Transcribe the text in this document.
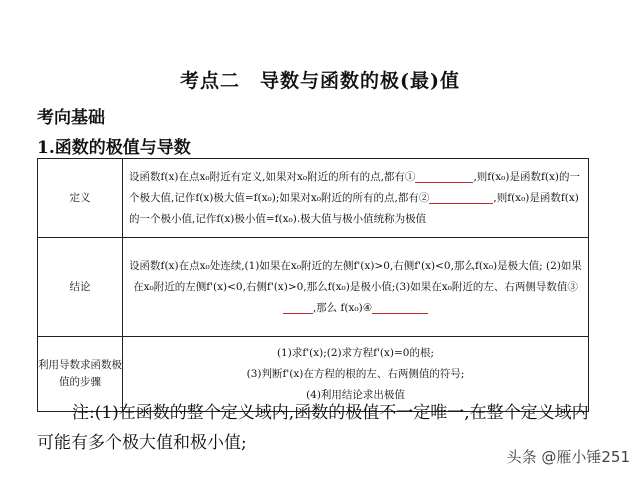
考点二　导数与函数的极(最)值
考向基础
1.函数的极值与导数
定义	设函数f(x)在点x₀附近有定义,如果对x₀附近的所有的点,都有① ,则f(x₀)是函数f(x)的一个极大值,记作f(x)极大值=f(x₀);如果对x₀附近的所有的点,都有② ,则f(x₀)是函数f(x)的一个极小值,记作f(x)极小值=f(x₀).极大值与极小值统称为极值
结论	设函数f(x)在点x₀处连续,(1)如果在x₀附近的左侧f'(x)>0,右侧f'(x)<0,那么f(x₀)是极大值; (2)如果在x₀附近的左侧f'(x)<0,右侧f'(x)>0,那么f(x₀)是极小值;(3)如果在x₀附近的左、右两侧导数值③,那么 f(x₀)④
利用导数求函数极值的步骤	(1)求f'(x);(2)求方程f'(x)=0的根;
(3)判断f'(x)在方程的根的左、右两侧值的符号;
(4)利用结论求出极值
注:(1)在函数的整个定义域内,函数的极值不一定唯一,在整个定义域内可能有多个极大值和极小值;
头条 @雁小锤251
